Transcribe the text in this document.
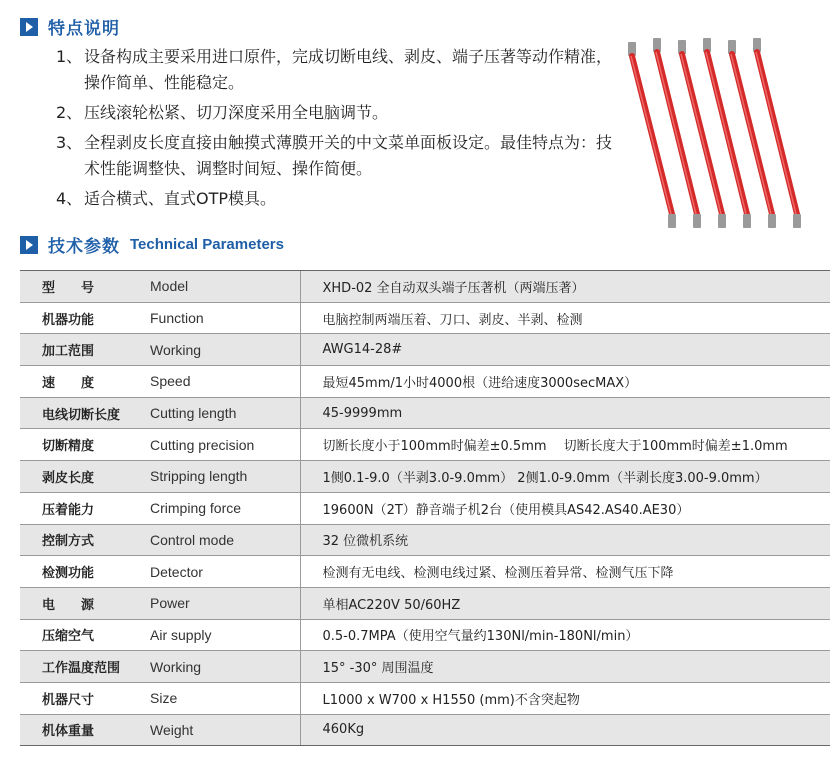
特点说明
1、 设备构成主要采用进口原件，完成切断电线、剥皮、端子压著等动作精准，操作简单、性能稳定。
2、 压线滚轮松紧、切刀深度采用全电脑调节。
3、 全程剥皮长度直接由触摸式薄膜开关的中文菜单面板设定。最佳特点为：技术性能调整快、调整时间短、操作简便。
4、 适合横式、直式OTP模具。
技术参数 Technical Parameters
型　　号	Model	XHD-02 全自动双头端子压著机（两端压著）
机器功能	Function	电脑控制两端压着、刀口、剥皮、半剥、检测
加工范围	Working	AWG14-28#
速　　度	Speed	最短45mm/1小时4000根（进给速度3000secMAX）
电线切断长度	Cutting length	45-9999mm
切断精度	Cutting precision	切断长度小于100mm时偏差±0.5mm　 切断长度大于100mm时偏差±1.0mm
剥皮长度	Stripping length	1侧0.1-9.0（半剥3.0-9.0mm） 2侧1.0-9.0mm（半剥长度3.00-9.0mm）
压着能力	Crimping force	19600N（2T）静音端子机2台（使用模具AS42.AS40.AE30）
控制方式	Control mode	32 位微机系统
检测功能	Detector	检测有无电线、检测电线过紧、检测压着异常、检测气压下降
电　　源	Power	单相AC220V 50/60HZ
压缩空气	Air supply	0.5-0.7MPA（使用空气量约130Nl/min-180Nl/min）
工作温度范围	Working	15° -30° 周围温度
机器尺寸	Size	L1000 x W700 x H1550 (mm)不含突起物
机体重量	Weight	460Kg
